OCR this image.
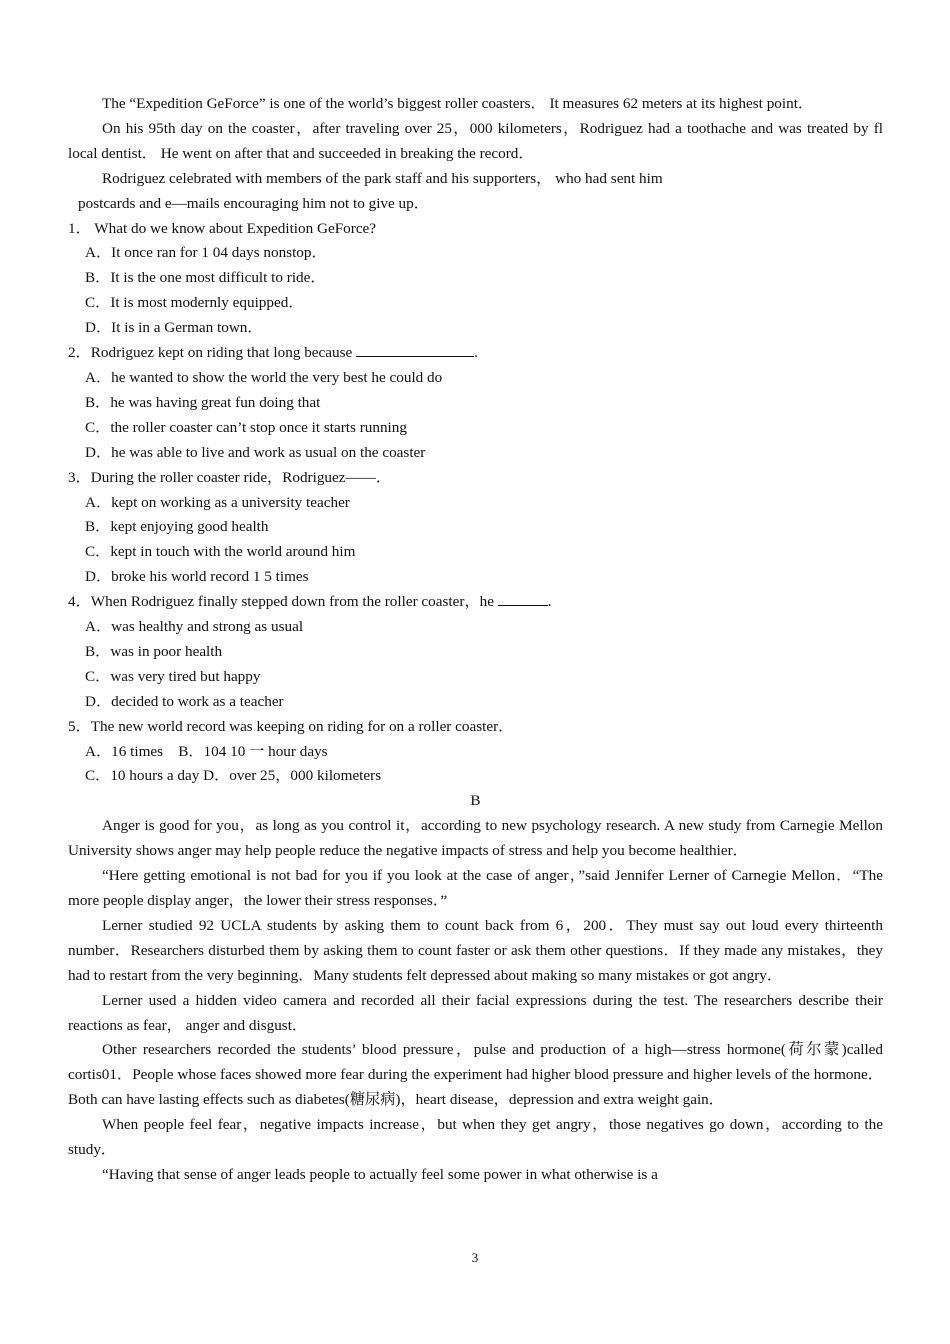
The “Expedition GeForce” is one of the world’s biggest roller coasters． It measures 62 meters at its highest point．

On his 95th day on the coaster，after traveling over 25，000 kilometers，Rodriguez had a toothache and was treated by fl local dentist． He went on after that and succeeded in breaking the record．

Rodriguez celebrated with members of the park staff and his supporters， who had sent him

postcards and e—mails encouraging him not to give up．

1． What do we know about Expedition GeForce?

A．It once ran for 1 04 days nonstop．

B．It is the one most difficult to ride．

C．It is most modernly equipped．

D．It is in a German town．

2．Rodriguez kept on riding that long because	.

A．he wanted to show the world the very best he could do

B．he was having great fun doing that

C．the roller coaster can’t stop once it starts running

D．he was able to live and work as usual on the coaster

3．During the roller coaster ride，Rodriguez——．

A．kept on working as a university teacher

B．kept enjoying good health

C．kept in touch with the world around him

D．broke his world record 1 5 times

4．When Rodriguez finally stepped down from the roller coaster，he	.

A．was healthy and strong as usual

B．was in poor health

C．was very tired but happy

D．decided to work as a teacher

5．The new world record was keeping on riding for on a roller coaster．

A．16 times　B．104 10 一 hour days

C．10 hours a day D．over 25，000 kilometers

B

Anger is good for you，as long as you control it，according to new psychology research. A new study from Carnegie Mellon University shows anger may help people reduce the negative impacts of stress and help you become healthier．

“Here getting emotional is not bad for you if you look at the case of anger，”said Jennifer Lerner of Carnegie Mellon．“The more people display anger，the lower their stress responses．”

Lerner studied 92 UCLA students by asking them to count back from 6，200．They must say out loud every thirteenth number．Researchers disturbed them by asking them to count faster or ask them other questions．If they made any mistakes，they had to restart from the very beginning．Many students felt depressed about making so many mistakes or got angry．

Lerner used a hidden video camera and recorded all their facial expressions during the test. The researchers describe their reactions as fear， anger and disgust．

Other researchers recorded the students’ blood pressure，pulse and production of a high—stress hormone(荷尔蒙)called cortis01．People whose faces showed more fear during the experiment had higher blood pressure and higher levels of the hormone．Both can have lasting effects such as diabetes(糖尿病)，heart disease，depression and extra weight gain．

When people feel fear，negative impacts increase，but when they get angry，those negatives go down，according to the study．

“Having that sense of anger leads people to actually feel some power in what otherwise is a

3
